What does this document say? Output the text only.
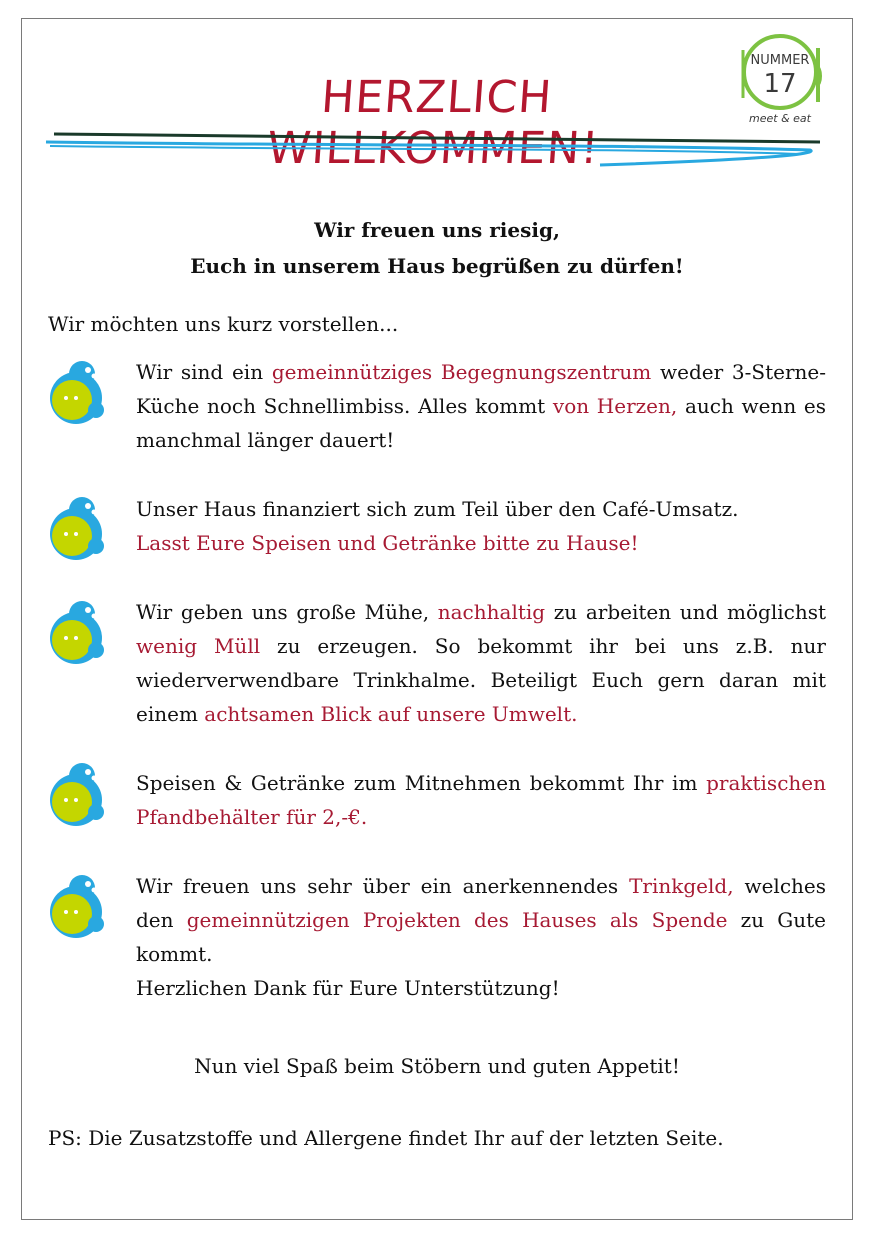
NUMMER
17
meet & eat
HERZLICH WILLKOMMEN!
Wir freuen uns riesig,
Euch in unserem Haus begrüßen zu dürfen!
Wir möchten uns kurz vorstellen...

Wir sind ein gemeinnütziges Begegnungszentrum weder 3-Sterne-Küche noch Schnellimbiss. Alles kommt von Herzen, auch wenn es manchmal länger dauert!

Unser Haus finanziert sich zum Teil über den Café-Umsatz.

Lasst Eure Speisen und Getränke bitte zu Hause!

Wir geben uns große Mühe, nachhaltig zu arbeiten und möglichst wenig Müll zu erzeugen. So bekommt ihr bei uns z.B. nur wiederverwendbare Trinkhalme. Beteiligt Euch gern daran mit einem achtsamen Blick auf unsere Umwelt.

Speisen & Getränke zum Mitnehmen bekommt Ihr im praktischen Pfandbehälter für 2,-€.

Wir freuen uns sehr über ein anerkennendes Trinkgeld, welches den gemeinnützigen Projekten des Hauses als Spende zu Gute kommt.

Herzlichen Dank für Eure Unterstützung!

Nun viel Spaß beim Stöbern und guten Appetit!
PS: Die Zusatzstoffe und Allergene findet Ihr auf der letzten Seite.
